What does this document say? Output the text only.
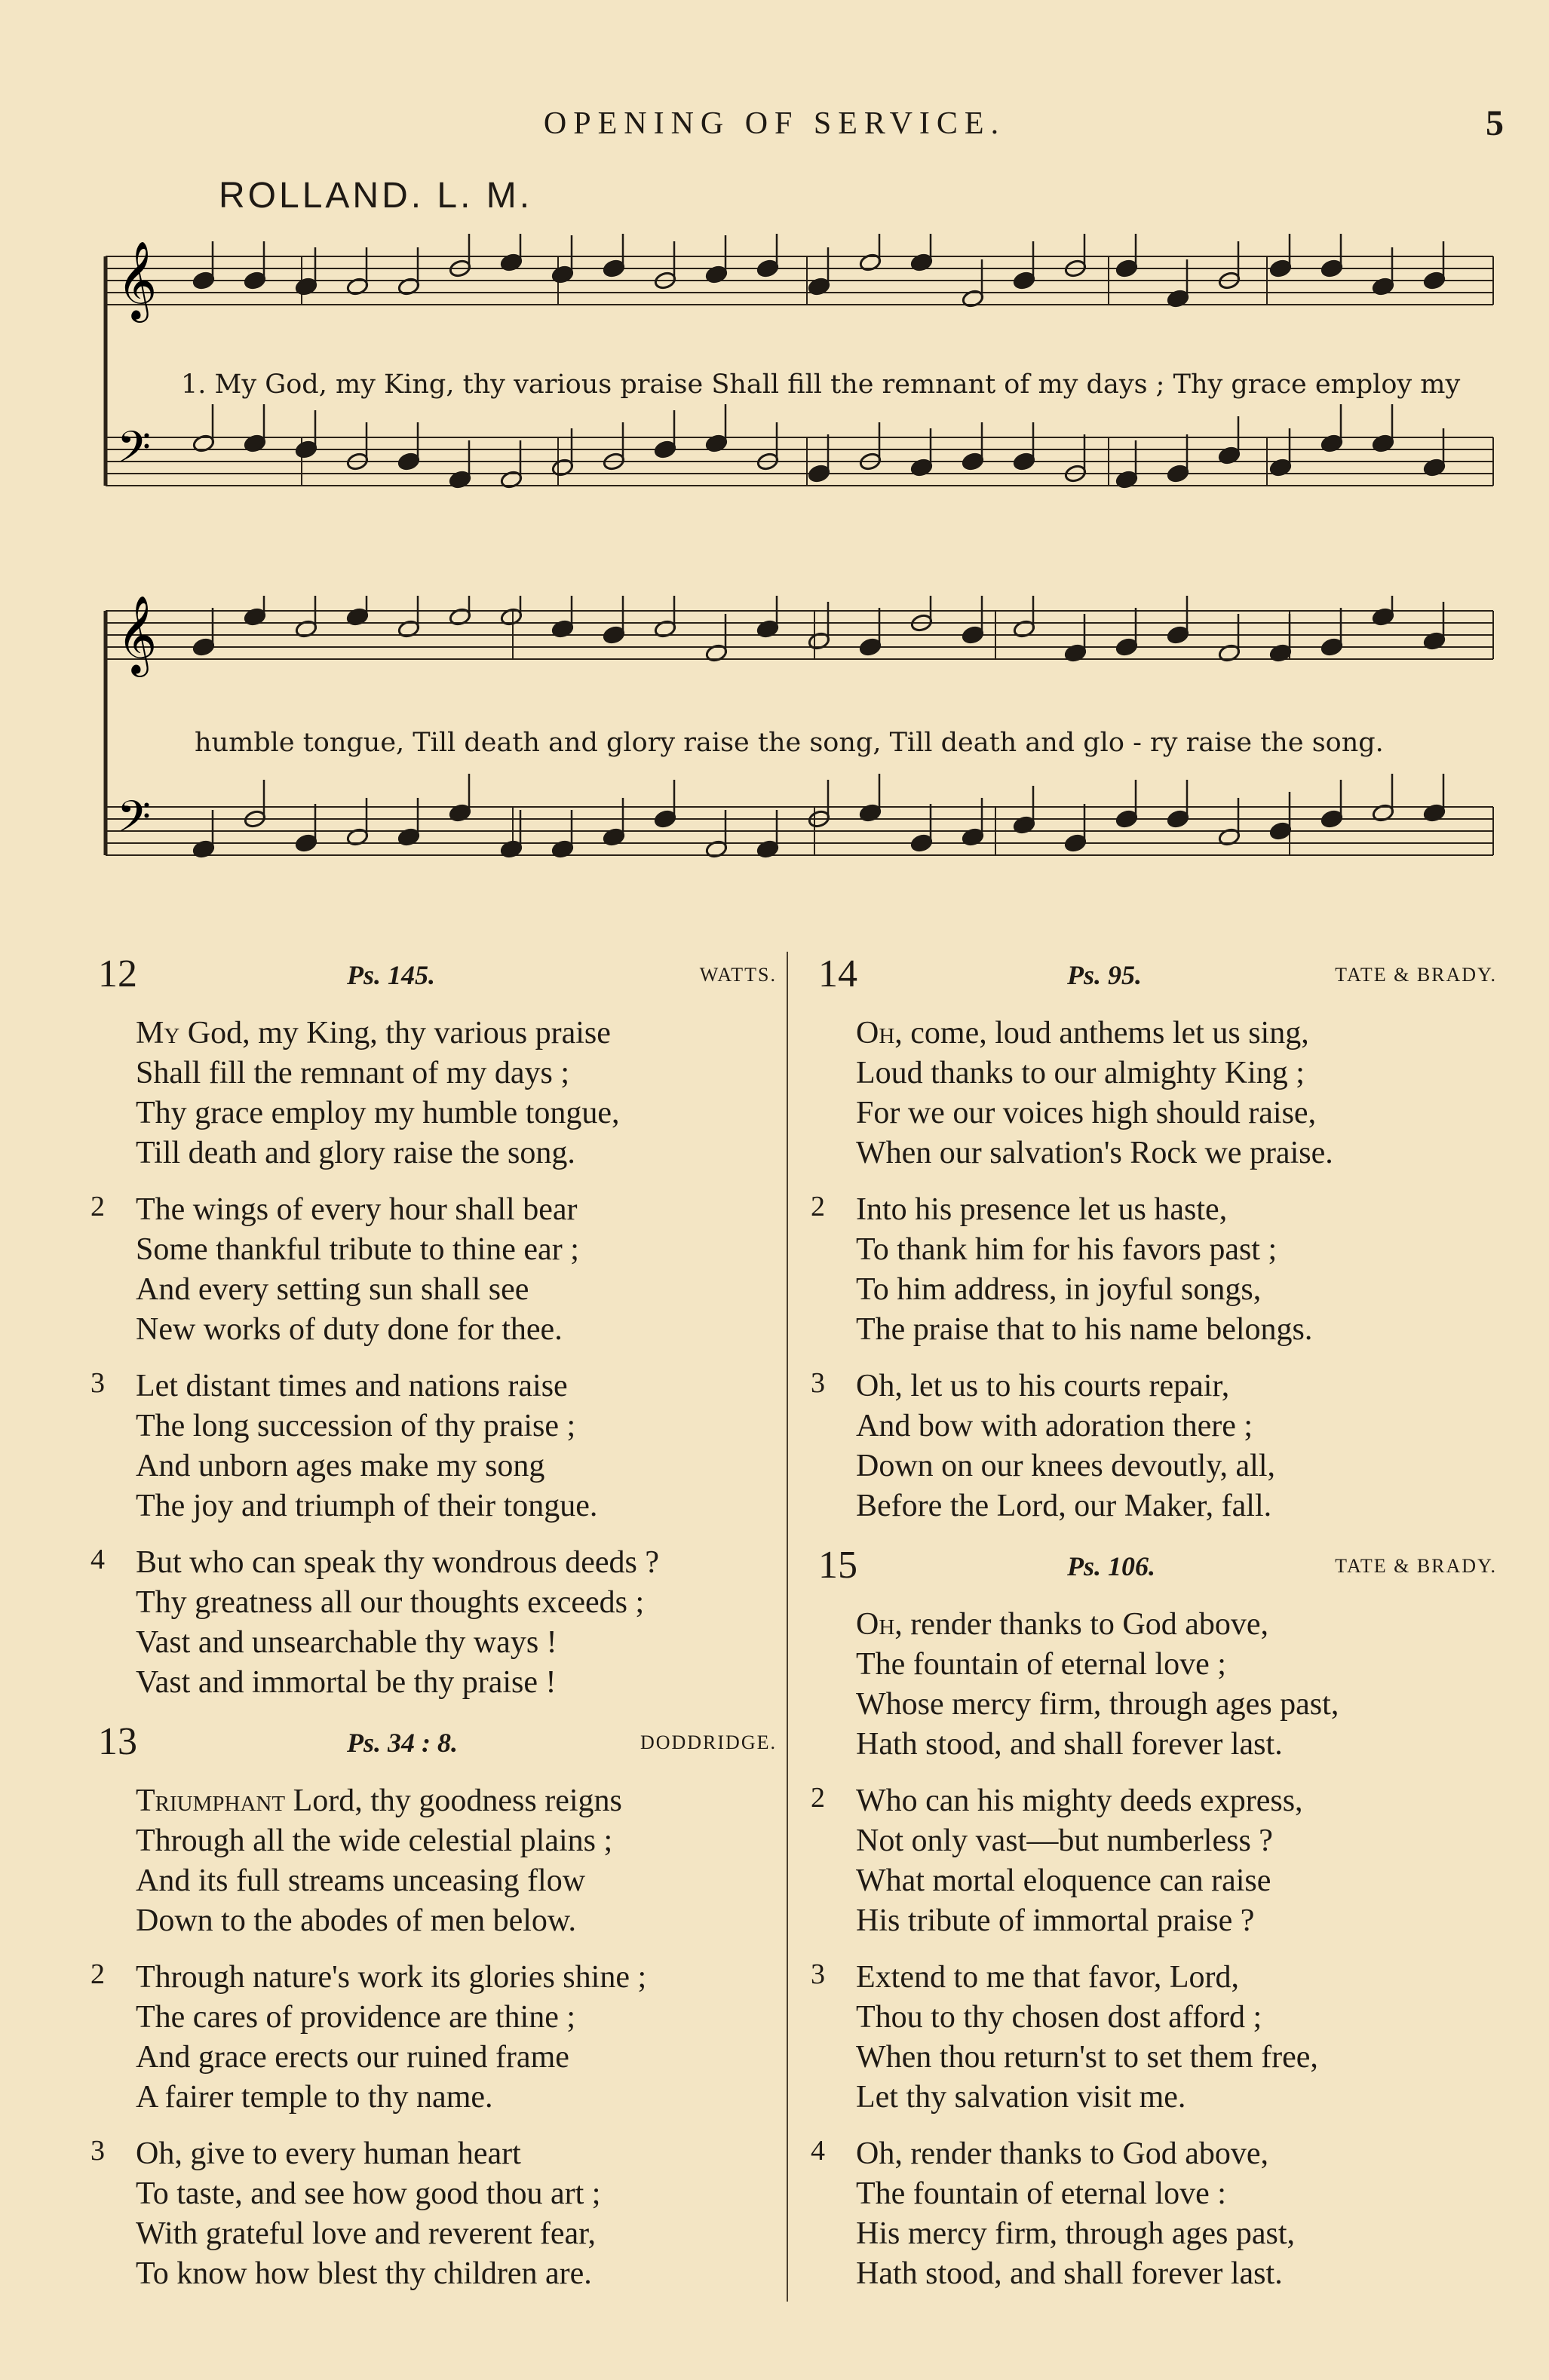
OPENING OF SERVICE.	5
ROLLAND. L. M.
𝄞
𝄢
1. My God, my King, thy various praise Shall fill the remnant of my days ; Thy grace employ my
𝄞
𝄢
humble tongue, Till death and glory raise the song, Till death and glo - ry raise the song.
12	Ps. 145.	WATTS.
My God, my King, thy various praise
Shall fill the remnant of my days ;
Thy grace employ my humble tongue,
Till death and glory raise the song.
2 The wings of every hour shall bear
Some thankful tribute to thine ear ;
And every setting sun shall see
New works of duty done for thee.
3 Let distant times and nations raise
The long succession of thy praise ;
And unborn ages make my song
The joy and triumph of their tongue.
4 But who can speak thy wondrous deeds ?
Thy greatness all our thoughts exceeds ;
Vast and unsearchable thy ways !
Vast and immortal be thy praise !
13	Ps. 34 : 8.	DODDRIDGE.
Triumphant Lord, thy goodness reigns
Through all the wide celestial plains ;
And its full streams unceasing flow
Down to the abodes of men below.
2 Through nature's work its glories shine ;
The cares of providence are thine ;
And grace erects our ruined frame
A fairer temple to thy name.
3 Oh, give to every human heart
To taste, and see how good thou art ;
With grateful love and reverent fear,
To know how blest thy children are.
14	Ps. 95.	TATE & BRADY.
Oh, come, loud anthems let us sing,
Loud thanks to our almighty King ;
For we our voices high should raise,
When our salvation's Rock we praise.
2 Into his presence let us haste,
To thank him for his favors past ;
To him address, in joyful songs,
The praise that to his name belongs.
3 Oh, let us to his courts repair,
And bow with adoration there ;
Down on our knees devoutly, all,
Before the Lord, our Maker, fall.
15	Ps. 106.	TATE & BRADY.
Oh, render thanks to God above,
The fountain of eternal love ;
Whose mercy firm, through ages past,
Hath stood, and shall forever last.
2 Who can his mighty deeds express,
Not only vast—but numberless ?
What mortal eloquence can raise
His tribute of immortal praise ?
3 Extend to me that favor, Lord,
Thou to thy chosen dost afford ;
When thou return'st to set them free,
Let thy salvation visit me.
4 Oh, render thanks to God above,
The fountain of eternal love :
His mercy firm, through ages past,
Hath stood, and shall forever last.
